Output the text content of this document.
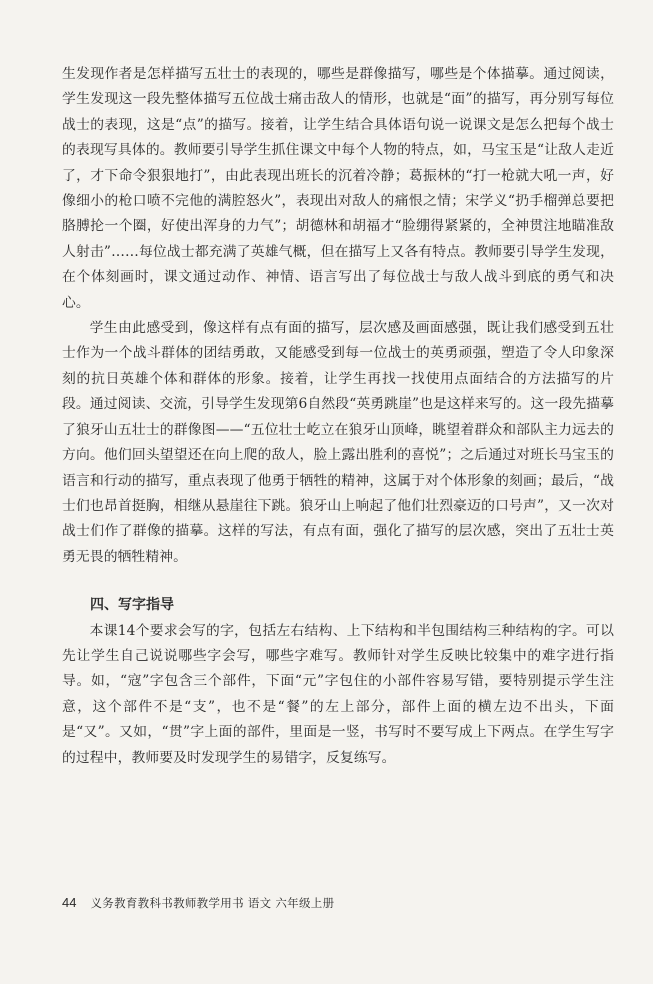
生发现作者是怎样描写五壮士的表现的，哪些是群像描写，哪些是个体描摹。通过阅读，学生发现这一段先整体描写五位战士痛击敌人的情形，也就是“面”的描写，再分别写每位战士的表现，这是“点”的描写。接着，让学生结合具体语句说一说课文是怎么把每个战士的表现写具体的。教师要引导学生抓住课文中每个人物的特点，如，马宝玉是“让敌人走近了，才下命令狠狠地打”，由此表现出班长的沉着冷静；葛振林的“打一枪就大吼一声，好像细小的枪口喷不完他的满腔怒火”，表现出对敌人的痛恨之情；宋学义“扔手榴弹总要把胳膊抡一个圈，好使出浑身的力气”；胡德林和胡福才“脸绷得紧紧的，全神贯注地瞄准敌人射击”……每位战士都充满了英雄气概，但在描写上又各有特点。教师要引导学生发现，在个体刻画时，课文通过动作、神情、语言写出了每位战士与敌人战斗到底的勇气和决心。

学生由此感受到，像这样有点有面的描写，层次感及画面感强，既让我们感受到五壮士作为一个战斗群体的团结勇敢，又能感受到每一位战士的英勇顽强，塑造了令人印象深刻的抗日英雄个体和群体的形象。接着，让学生再找一找使用点面结合的方法描写的片段。通过阅读、交流，引导学生发现第6自然段“英勇跳崖”也是这样来写的。这一段先描摹了狼牙山五壮士的群像图——“五位壮士屹立在狼牙山顶峰，眺望着群众和部队主力远去的方向。他们回头望望还在向上爬的敌人，脸上露出胜利的喜悦”；之后通过对班长马宝玉的语言和行动的描写，重点表现了他勇于牺牲的精神，这属于对个体形象的刻画；最后，“战士们也昂首挺胸，相继从悬崖往下跳。狼牙山上响起了他们壮烈豪迈的口号声”，又一次对战士们作了群像的描摹。这样的写法，有点有面，强化了描写的层次感，突出了五壮士英勇无畏的牺牲精神。

四、写字指导

本课14个要求会写的字，包括左右结构、上下结构和半包围结构三种结构的字。可以先让学生自己说说哪些字会写，哪些字难写。教师针对学生反映比较集中的难字进行指导。如，“寇”字包含三个部件，下面“元”字包住的小部件容易写错，要特别提示学生注意，这个部件不是“支”，也不是“餐”的左上部分，部件上面的横左边不出头，下面是“又”。又如，“贯”字上面的部件，里面是一竖，书写时不要写成上下两点。在学生写字的过程中，教师要及时发现学生的易错字，反复练写。

44 义务教育教科书教师教学用书 语文 六年级上册
